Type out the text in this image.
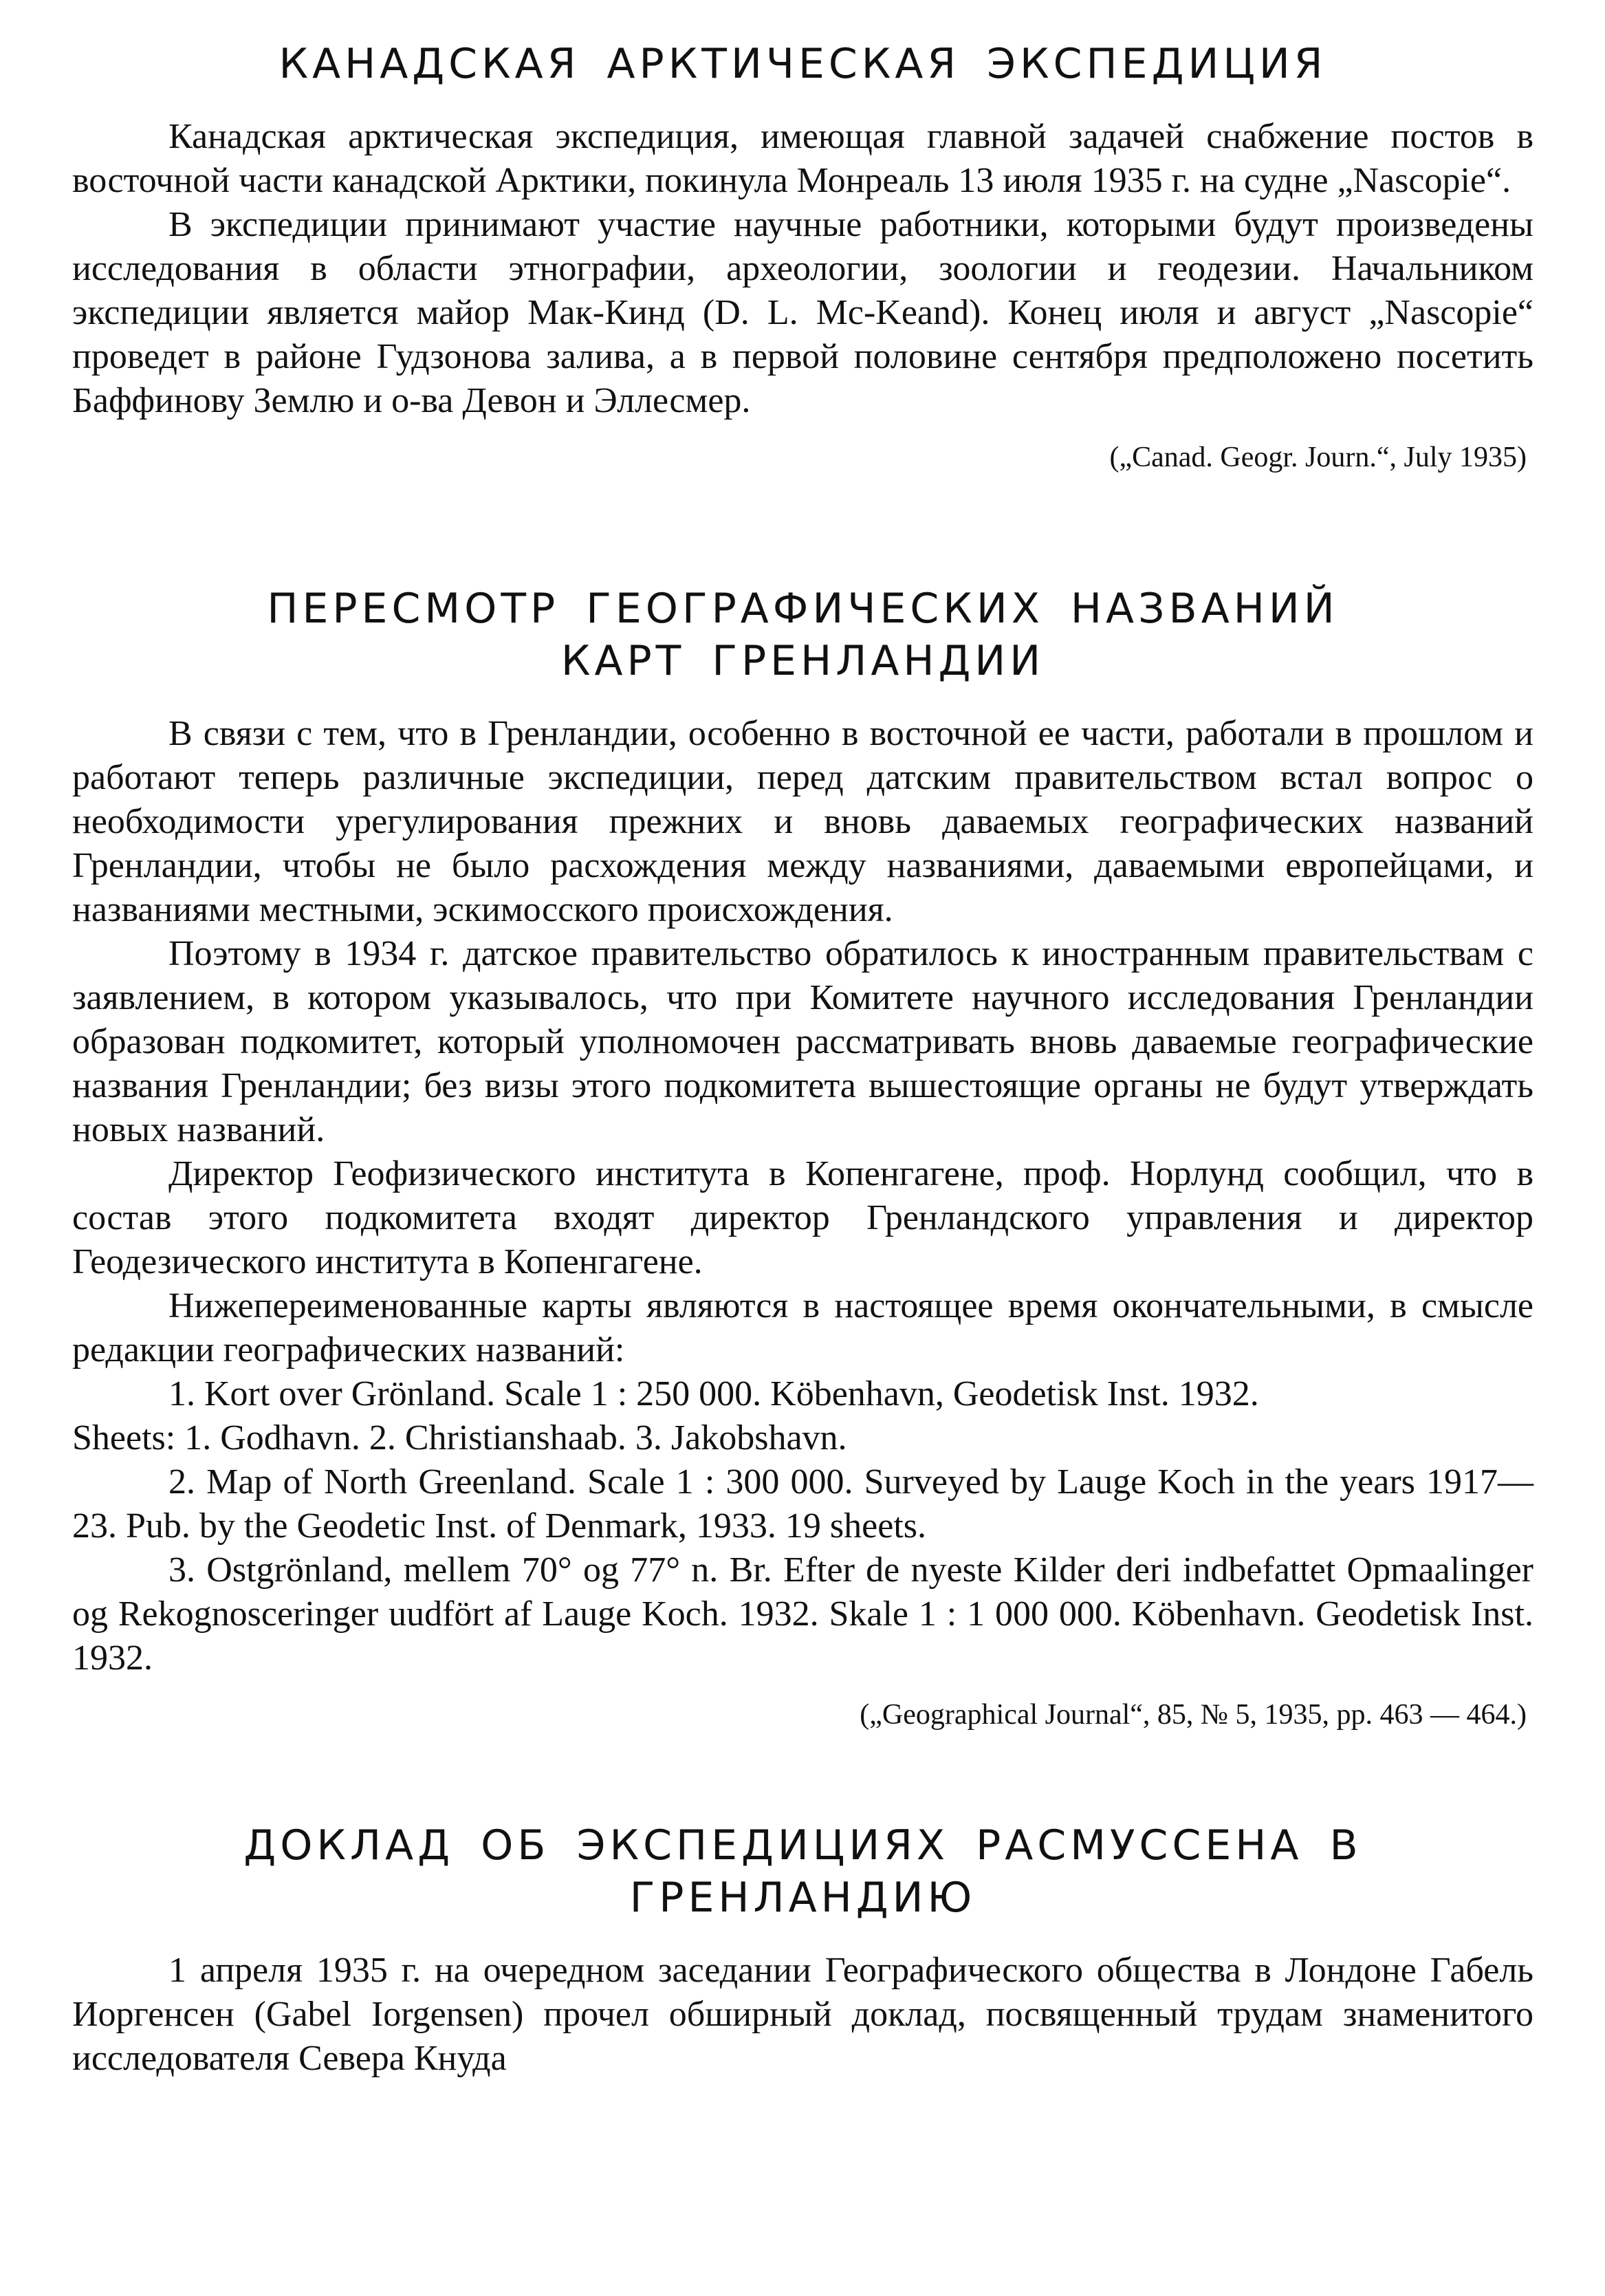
КАНАДСКАЯ АРКТИЧЕСКАЯ ЭКСПЕДИЦИЯ

Канадская арктическая экспедиция, имеющая главной задачей снабжение постов в восточной части канадской Арктики, покинула Монреаль 13 июля 1935 г. на судне „Nascopie“.

В экспедиции принимают участие научные работники, которыми будут произведены исследования в области этнографии, археологии, зоологии и геодезии. Начальником экспедиции является майор Мак-Кинд (D. L. Mc-Keand). Конец июля и август „Nascopie“ проведет в районе Гудзонова залива, а в первой половине сентября предположено посетить Баффинову Землю и о-ва Девон и Эллесмер.

(„Canad. Geogr. Journ.“, July 1935)

ПЕРЕСМОТР ГЕОГРАФИЧЕСКИХ НАЗВАНИЙ
КАРТ ГРЕНЛАНДИИ

В связи с тем, что в Гренландии, особенно в восточной ее части, работали в прошлом и работают теперь различные экспедиции, перед датским правительством встал вопрос о необходимости урегулирования прежних и вновь даваемых географических названий Гренландии, чтобы не было расхождения между названиями, даваемыми европейцами, и названиями местными, эскимосского происхождения.

Поэтому в 1934 г. датское правительство обратилось к иностранным правительствам с заявлением, в котором указывалось, что при Комитете научного исследования Гренландии образован подкомитет, который уполномочен рассматривать вновь даваемые географические названия Гренландии; без визы этого подкомитета вышестоящие органы не будут утверждать новых названий.

Директор Геофизического института в Копенгагене, проф. Норлунд сообщил, что в состав этого подкомитета входят директор Гренландского управления и директор Геодезического института в Копенгагене.

Нижепереименованные карты являются в настоящее время окончательными, в смысле редакции географических названий:

1. Kort over Grönland. Scale 1 : 250 000. Köbenhavn, Geodetisk Inst. 1932.

Sheets: 1. Godhavn. 2. Christianshaab. 3. Jakobshavn.

2. Map of North Greenland. Scale 1 : 300 000. Surveyed by Lauge Koch in the years 1917—23. Pub. by the Geodetic Inst. of Denmark, 1933. 19 sheets.

3. Ostgrönland, mellem 70° og 77° n. Br. Efter de nyeste Kilder deri indbefattet Opmaalinger og Rekognosceringer uudfört af Lauge Koch. 1932. Skale 1 : 1 000 000. Köbenhavn. Geodetisk Inst. 1932.

(„Geographical Journal“, 85, № 5, 1935, pp. 463 — 464.)

ДОКЛАД ОБ ЭКСПЕДИЦИЯХ РАСМУССЕНА В ГРЕНЛАНДИЮ

1 апреля 1935 г. на очередном заседании Географического общества в Лондоне Габель Иоргенсен (Gabel Iorgensen) прочел обширный доклад, посвященный трудам знаменитого исследователя Севера Кнуда
